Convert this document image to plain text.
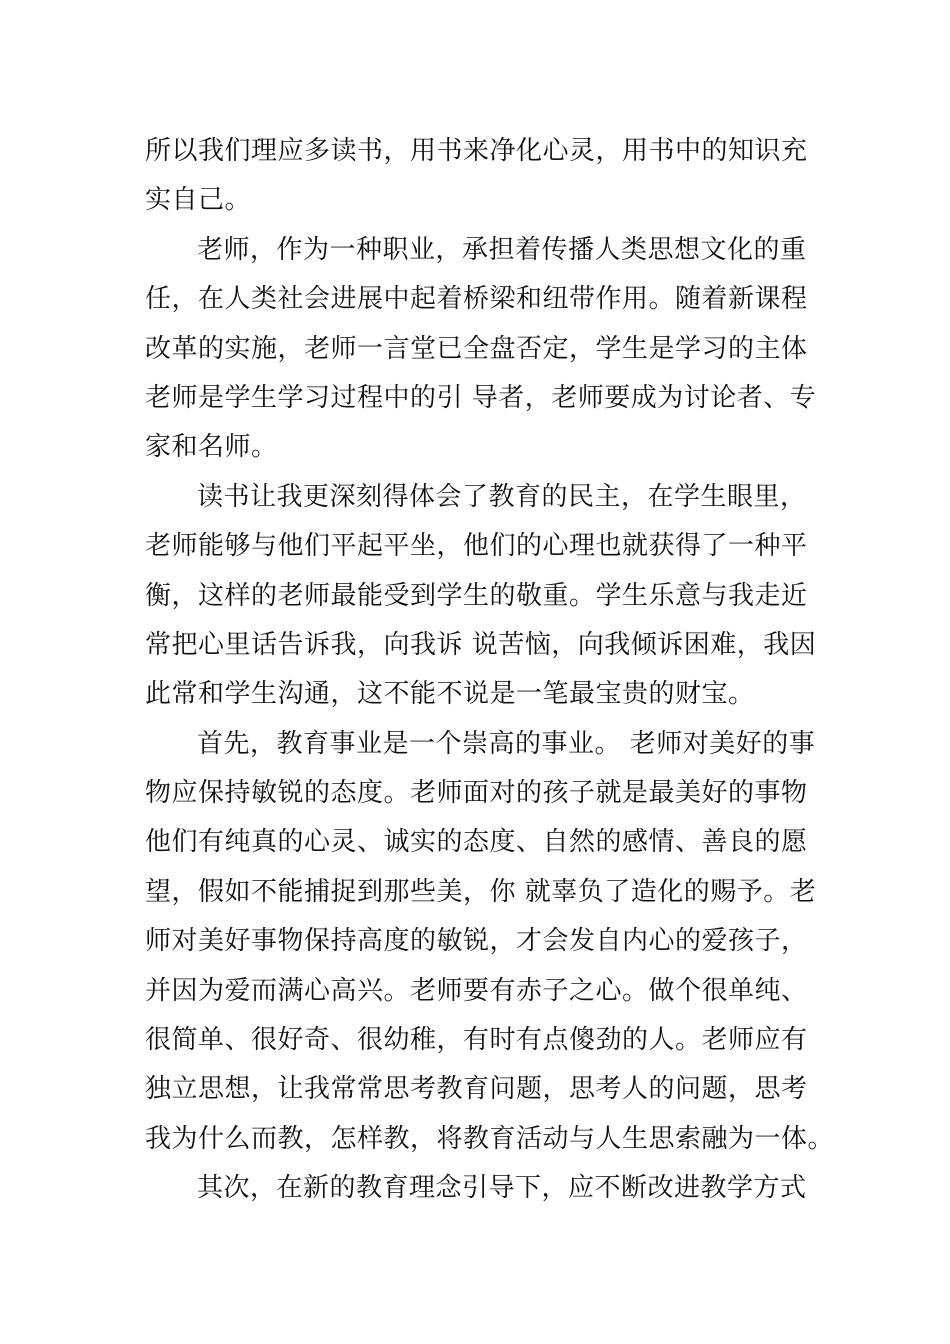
所以我们理应多读书，用书来净化心灵，用书中的知识充
实自己。
老师，作为一种职业，承担着传播人类思想文化的重
任，在人类社会进展中起着桥梁和纽带作用。随着新课程
改革的实施，老师一言堂已全盘否定，学生是学习的主体
老师是学生学习过程中的引 导者，老师要成为讨论者、专
家和名师。
读书让我更深刻得体会了教育的民主，在学生眼里，
老师能够与他们平起平坐，他们的心理也就获得了一种平
衡，这样的老师最能受到学生的敬重。学生乐意与我走近
常把心里话告诉我，向我诉 说苦恼，向我倾诉困难，我因
此常和学生沟通，这不能不说是一笔最宝贵的财宝。
首先，教育事业是一个崇高的事业。 老师对美好的事
物应保持敏锐的态度。老师面对的孩子就是最美好的事物
他们有纯真的心灵、诚实的态度、自然的感情、善良的愿
望，假如不能捕捉到那些美，你 就辜负了造化的赐予。老
师对美好事物保持高度的敏锐，才会发自内心的爱孩子，
并因为爱而满心高兴。老师要有赤子之心。做个很单纯、
很简单、很好奇、很幼稚，有时有点傻劲的人。老师应有
独立思想，让我常常思考教育问题，思考人的问题，思考
我为什么而教，怎样教，将教育活动与人生思索融为一体。
其次，在新的教育理念引导下，应不断改进教学方式
